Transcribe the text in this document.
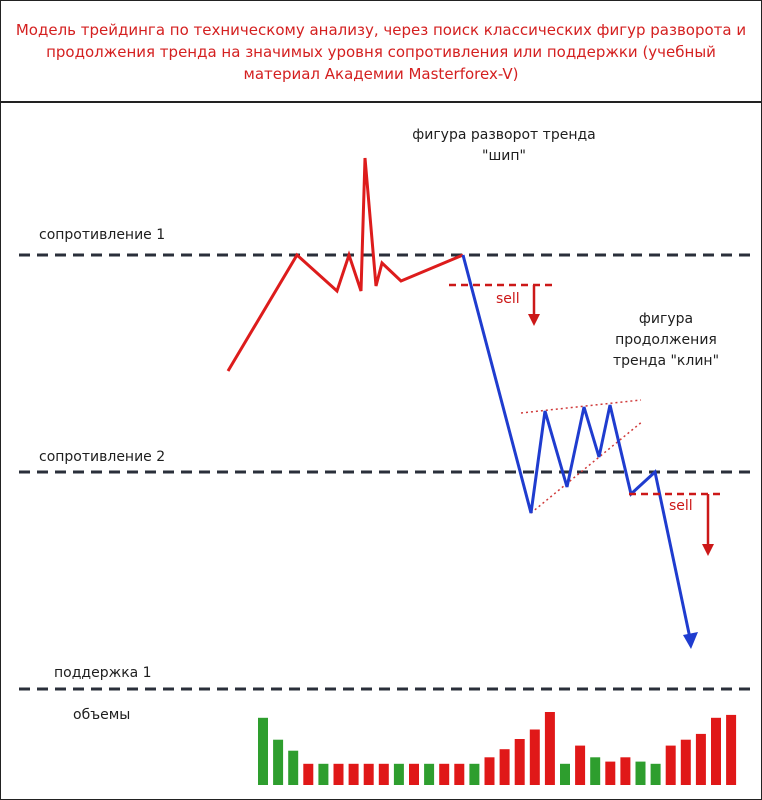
Модель трейдинга по техническому анализу, через поиск классических фигур разворота и продолжения тренда на значимых уровня сопротивления или поддержки (учебный материал Академии Masterforex-V)
сопротивление 1
сопротивление 2
поддержка 1
фигура разворот тренда "шип"
фигура продолжения тренда "клин"
sell
sell
объемы
